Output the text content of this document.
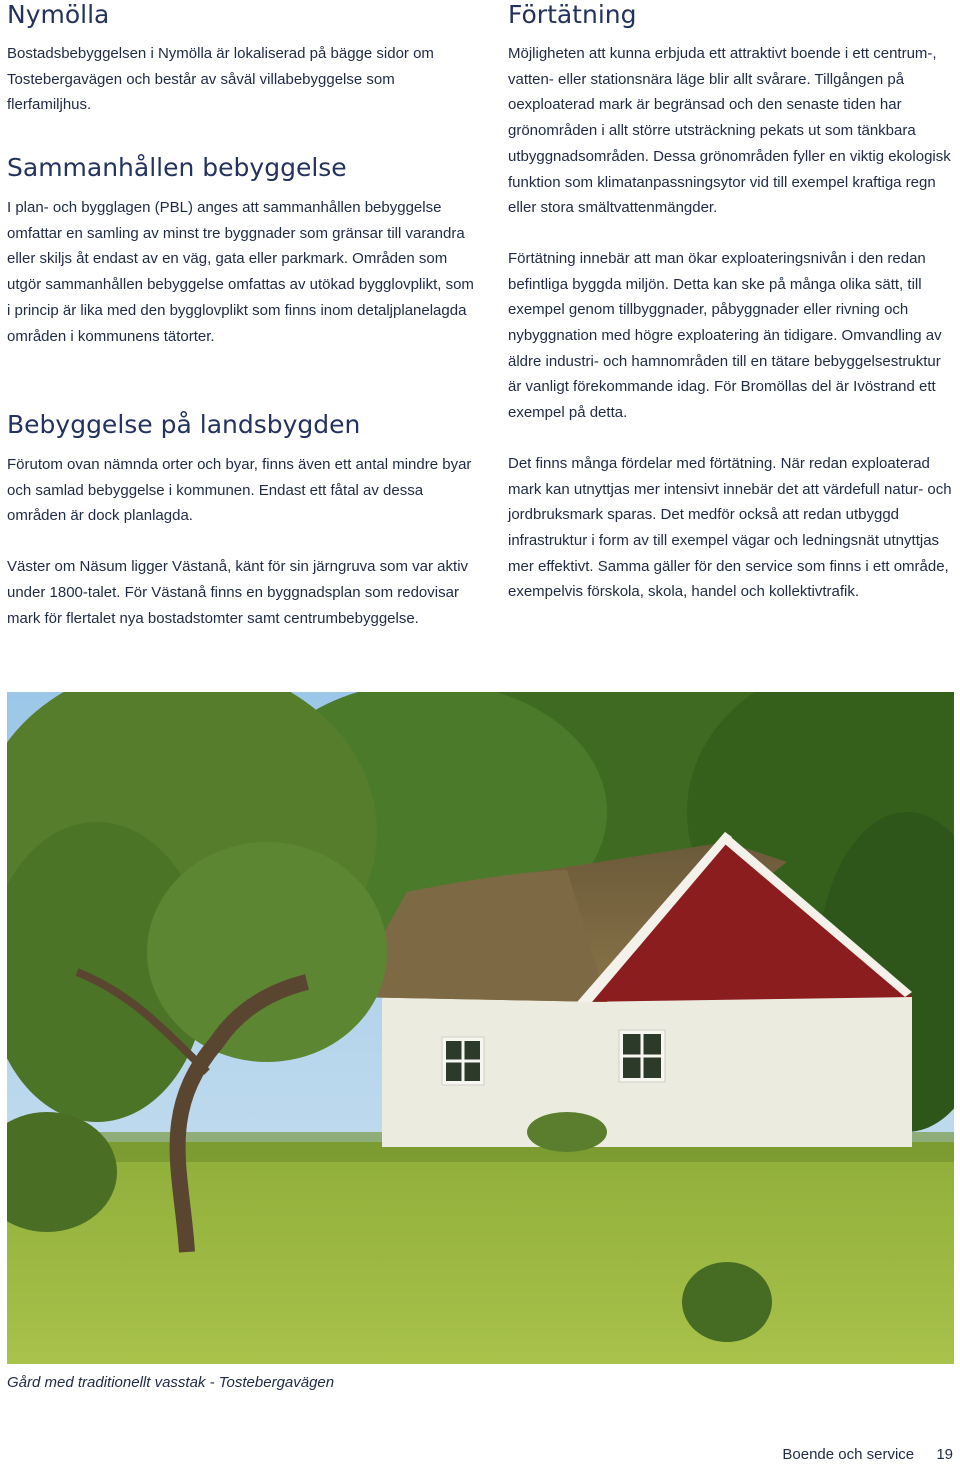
Nymölla

Bostadsbebyggelsen i Nymölla är lokaliserad på bägge sidor om Tostebergavägen och består av såväl villabebyggelse som flerfamiljhus.

Sammanhållen bebyggelse

I plan- och bygglagen (PBL) anges att sammanhållen bebyggelse omfattar en samling av minst tre byggnader som gränsar till varandra eller skiljs åt endast av en väg, gata eller parkmark. Områden som utgör sammanhållen bebyggelse omfattas av utökad bygglovplikt, som i princip är lika med den bygglovplikt som finns inom detaljplanelagda områden i kommunens tätorter.

Bebyggelse på landsbygden

Förutom ovan nämnda orter och byar, finns även ett antal mindre byar och samlad bebyggelse i kommunen. Endast ett fåtal av dessa områden är dock planlagda.

Väster om Näsum ligger Västanå, känt för sin järngruva som var aktiv under 1800-talet. För Västanå finns en byggnadsplan som redovisar mark för flertalet nya bostadstomter samt centrumbebyggelse.

Förtätning

Möjligheten att kunna erbjuda ett attraktivt boende i ett centrum-, vatten- eller stationsnära läge blir allt svårare. Tillgången på oexploaterad mark är begränsad och den senaste tiden har grönområden i allt större utsträckning pekats ut som tänkbara utbyggnadsområden. Dessa grönområden fyller en viktig ekologisk funktion som klimatanpassningsytor vid till exempel kraftiga regn eller stora smältvattenmängder.

Förtätning innebär att man ökar exploateringsnivån i den redan befintliga byggda miljön. Detta kan ske på många olika sätt, till exempel genom tillbyggnader, påbyggnader eller rivning och nybyggnation med högre exploatering än tidigare. Omvandling av äldre industri- och hamnområden till en tätare bebyggelsestruktur är vanligt förekommande idag. För Bromöllas del är Ivöstrand ett exempel på detta.

Det finns många fördelar med förtätning. När redan exploaterad mark kan utnyttjas mer intensivt innebär det att värdefull natur- och jordbruksmark sparas. Det medför också att redan utbyggd infrastruktur i form av till exempel vägar och ledningsnät utnyttjas mer effektivt. Samma gäller för den service som finns i ett område, exempelvis förskola, skola, handel och kollektivtrafik.

Gård med traditionellt vasstak - Tostebergavägen
Boende och service 19
